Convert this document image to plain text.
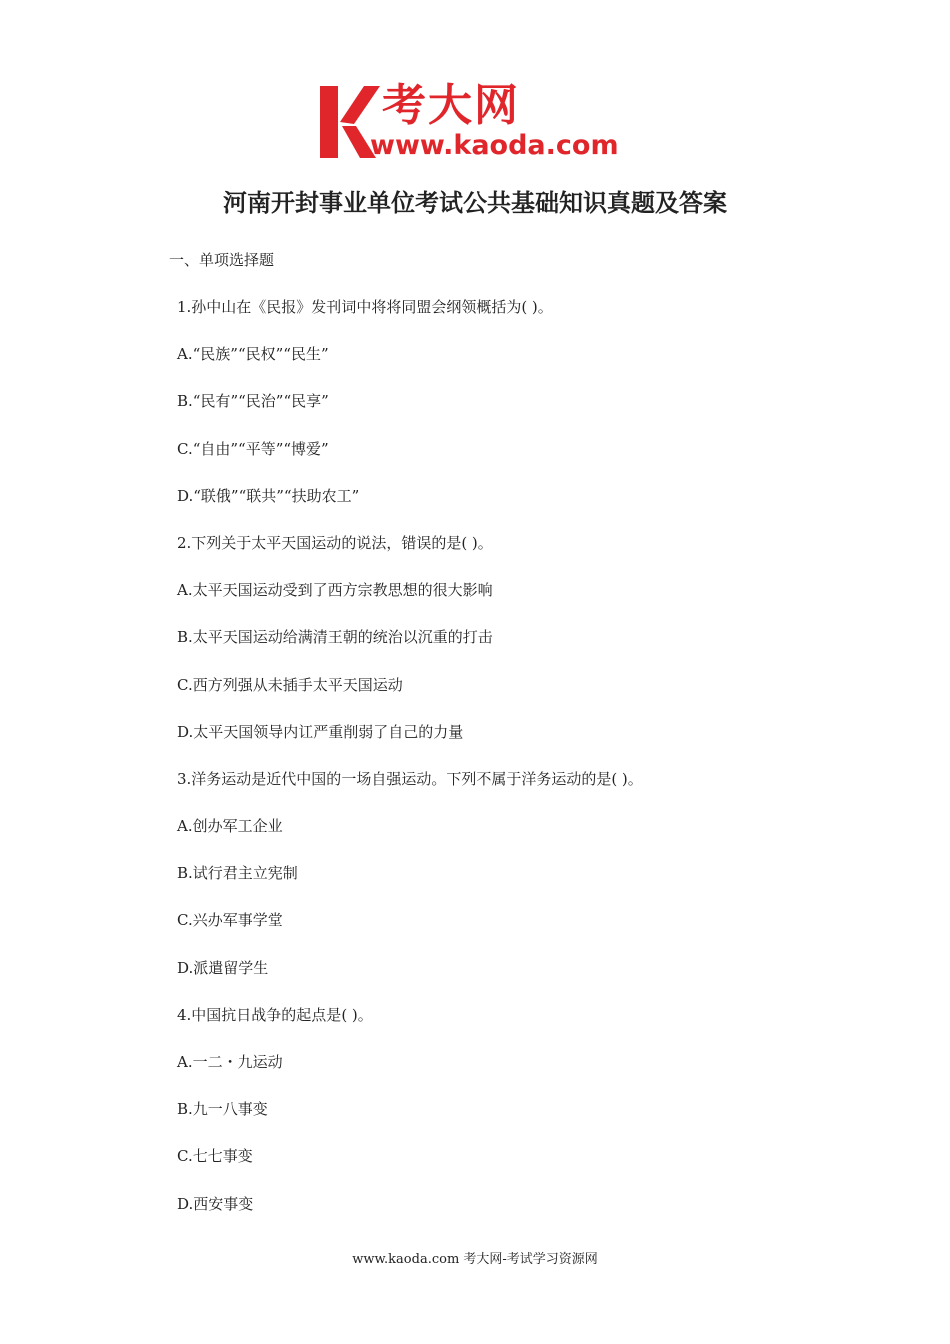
考大网
www.kaoda.com
河南开封事业单位考试公共基础知识真题及答案
一、单项选择题
1.孙中山在《民报》发刊词中将将同盟会纲领概括为( )。
A.“民族”“民权”“民生”
B.“民有”“民治”“民享”
C.“自由”“平等”“博爱”
D.“联俄”“联共”“扶助农工”
2.下列关于太平天国运动的说法，错误的是( )。
A.太平天国运动受到了西方宗教思想的很大影响
B.太平天国运动给满清王朝的统治以沉重的打击
C.西方列强从未插手太平天国运动
D.太平天国领导内讧严重削弱了自己的力量
3.洋务运动是近代中国的一场自强运动。下列不属于洋务运动的是( )。
A.创办军工企业
B.试行君主立宪制
C.兴办军事学堂
D.派遣留学生
4.中国抗日战争的起点是( )。
A.一二・九运动
B.九一八事变
C.七七事变
D.西安事变
www.kaoda.com 考大网-考试学习资源网
